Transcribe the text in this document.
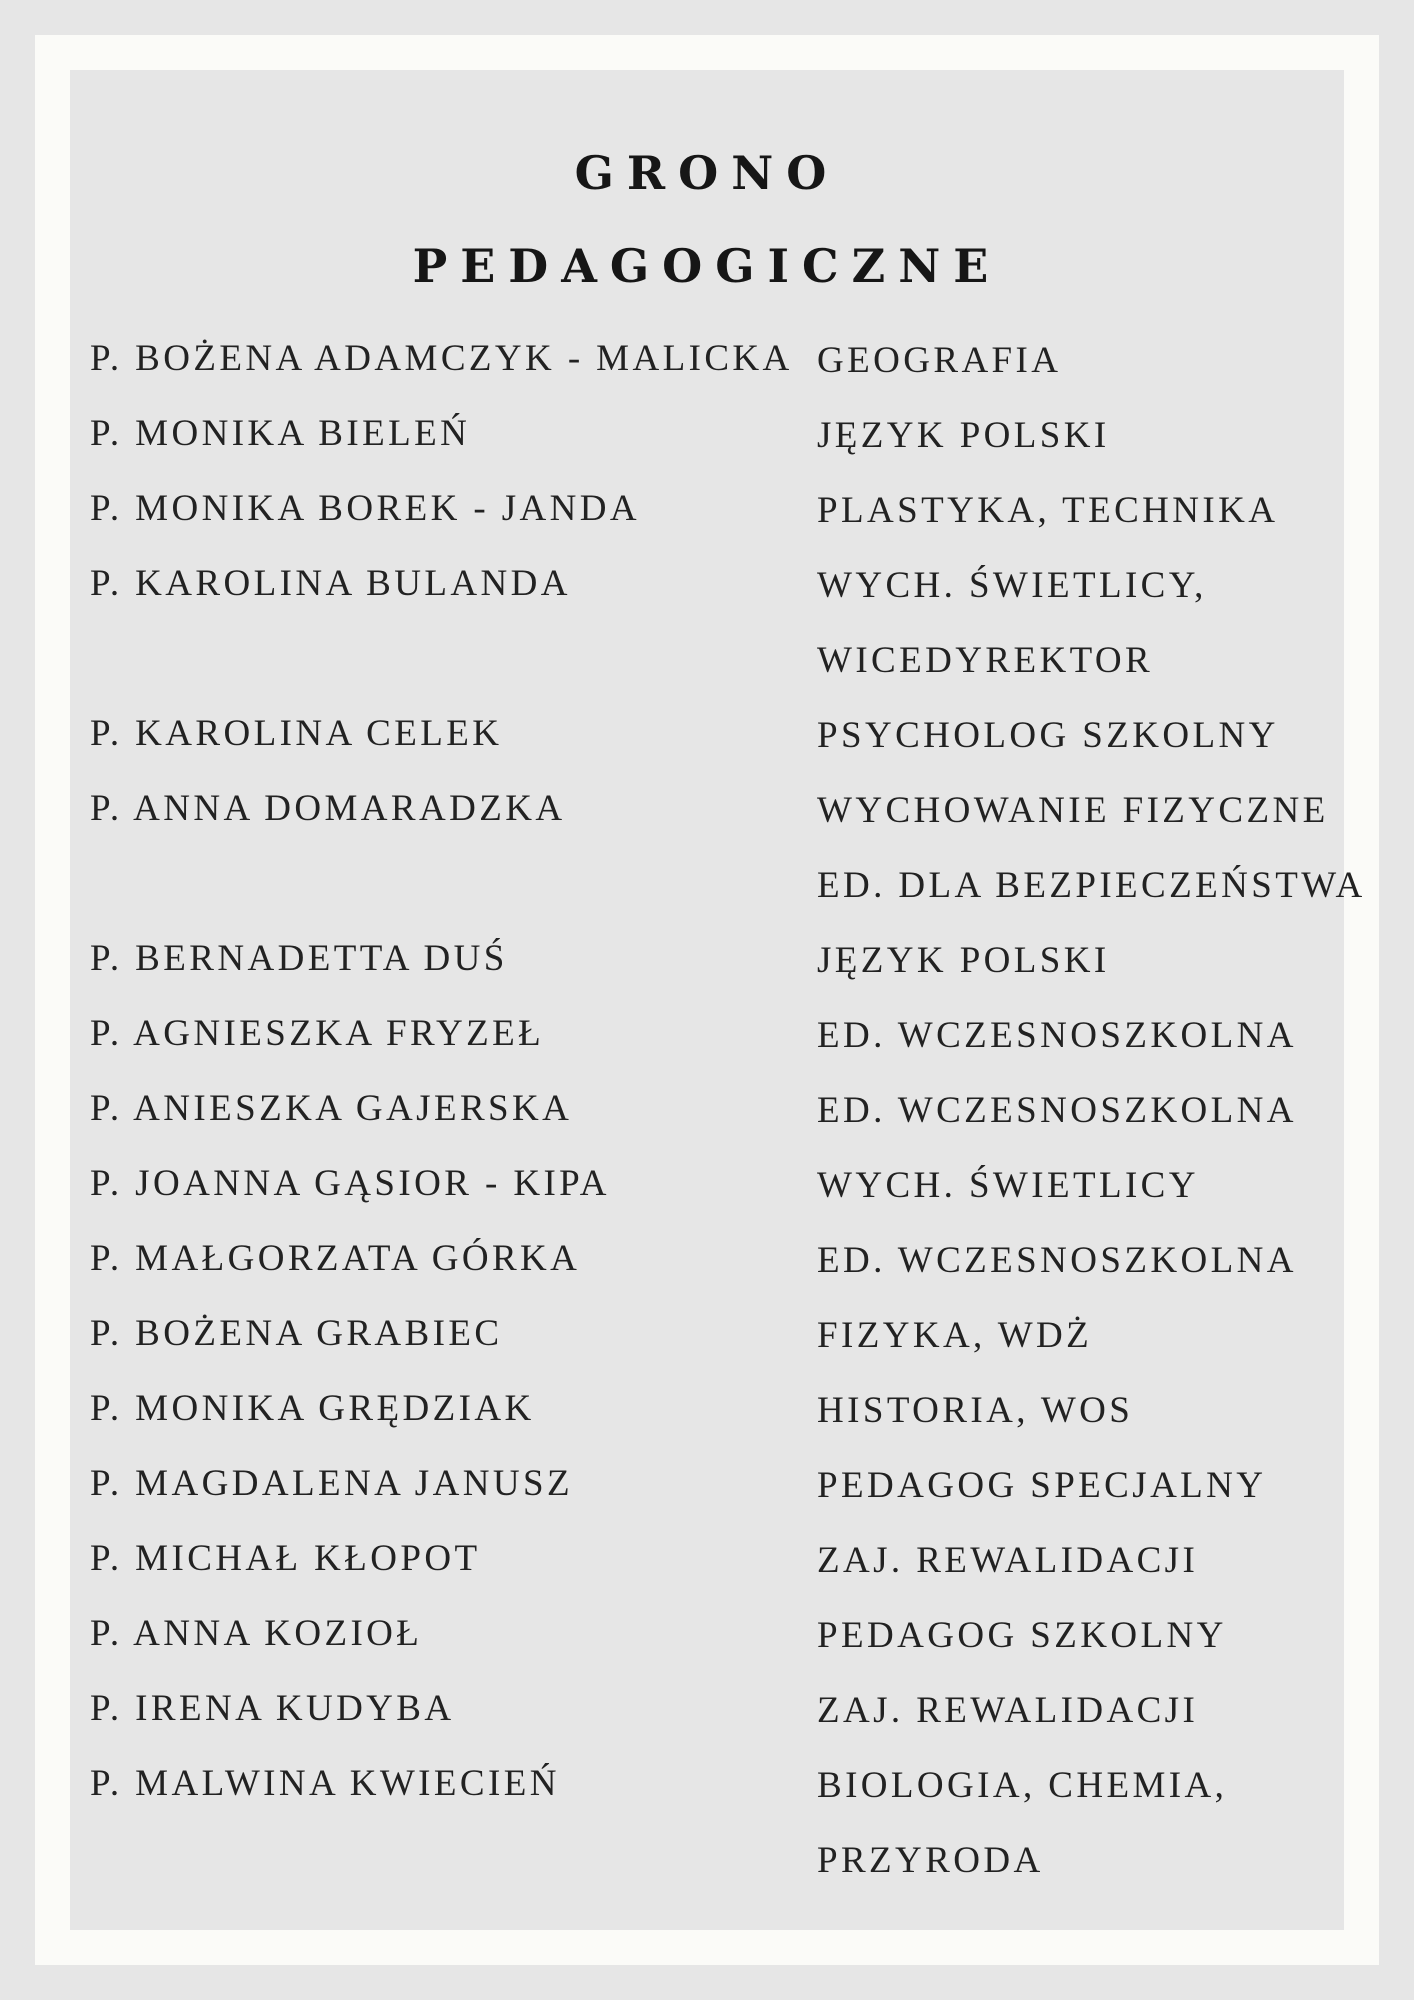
GRONO
PEDAGOGICZNE
P. BOŻENA ADAMCZYK - MALICKA
P. MONIKA BIELEŃ
P. MONIKA BOREK - JANDA
P. KAROLINA BULANDA
P. KAROLINA CELEK
P. ANNA DOMARADZKA
P. BERNADETTA DUŚ
P. AGNIESZKA FRYZEŁ
P. ANIESZKA GAJERSKA
P. JOANNA GĄSIOR - KIPA
P. MAŁGORZATA GÓRKA
P. BOŻENA GRABIEC
P. MONIKA GRĘDZIAK
P. MAGDALENA JANUSZ
P. MICHAŁ KŁOPOT
P. ANNA KOZIOŁ
P. IRENA KUDYBA
P. MALWINA KWIECIEŃ
GEOGRAFIA
JĘZYK POLSKI
PLASTYKA, TECHNIKA
WYCH. ŚWIETLICY,
WICEDYREKTOR
PSYCHOLOG SZKOLNY
WYCHOWANIE FIZYCZNE
ED. DLA BEZPIECZEŃSTWA
JĘZYK POLSKI
ED. WCZESNOSZKOLNA
ED. WCZESNOSZKOLNA
WYCH. ŚWIETLICY
ED. WCZESNOSZKOLNA
FIZYKA, WDŻ
HISTORIA, WOS
PEDAGOG SPECJALNY
ZAJ. REWALIDACJI
PEDAGOG SZKOLNY
ZAJ. REWALIDACJI
BIOLOGIA, CHEMIA,
PRZYRODA
